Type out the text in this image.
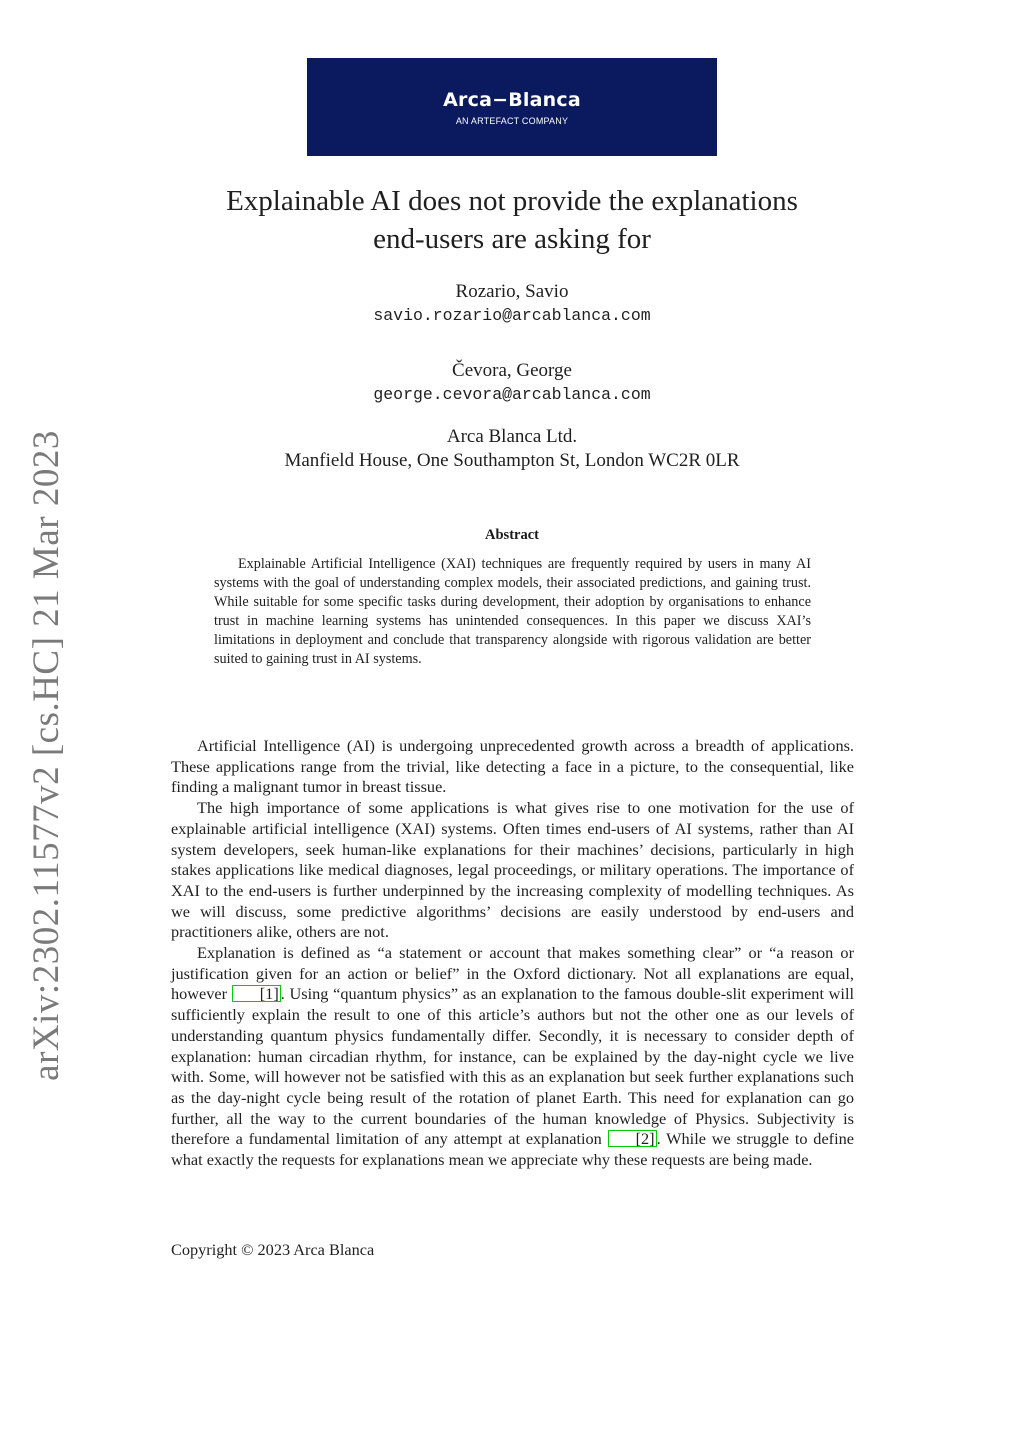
arXiv:2302.11577v2 [cs.HC] 21 Mar 2023
Arca−Blanca
AN ARTEFACT COMPANY
Explainable AI does not provide the explanations
end-users are asking for
Rozario, Savio
savio.rozario@arcablanca.com
Čevora, George
george.cevora@arcablanca.com
Arca Blanca Ltd.
Manfield House, One Southampton St, London WC2R 0LR
Abstract
Explainable Artificial Intelligence (XAI) techniques are frequently required by users in many AI systems with the goal of understanding complex models, their associated predictions, and gaining trust. While suitable for some specific tasks during development, their adoption by organisations to enhance trust in machine learning systems has unintended consequences. In this paper we discuss XAI’s limitations in deployment and conclude that transparency alongside with rigorous validation are better suited to gaining trust in AI systems.

Artificial Intelligence (AI) is undergoing unprecedented growth across a breadth of applications. These applications range from the trivial, like detecting a face in a picture, to the consequential, like finding a malignant tumor in breast tissue.

The high importance of some applications is what gives rise to one motivation for the use of explainable artificial intelligence (XAI) systems. Often times end-users of AI systems, rather than AI system developers, seek human-like explanations for their machines’ decisions, particularly in high stakes applications like medical diagnoses, legal proceedings, or military operations. The importance of XAI to the end-users is further underpinned by the increasing complexity of modelling techniques. As we will discuss, some predictive algorithms’ decisions are easily understood by end-users and practitioners alike, others are not.

Explanation is defined as “a statement or account that makes something clear” or “a reason or justification given for an action or belief” in the Oxford dictionary. Not all explanations are equal, however [1] . Using “quantum physics” as an explanation to the famous double-slit experiment will sufficiently explain the result to one of this article’s authors but not the other one as our levels of understanding quantum physics fundamentally differ. Secondly, it is necessary to consider depth of explanation: human circadian rhythm, for instance, can be explained by the day-night cycle we live with. Some, will however not be satisfied with this as an explanation but seek further explanations such as the day-night cycle being result of the rotation of planet Earth. This need for explanation can go further, all the way to the current boundaries of the human knowledge of Physics. Subjectivity is therefore a fundamental limitation of any attempt at explanation [2] . While we struggle to define what exactly the requests for explanations mean we appreciate why these requests are being made.

Copyright © 2023 Arca Blanca
